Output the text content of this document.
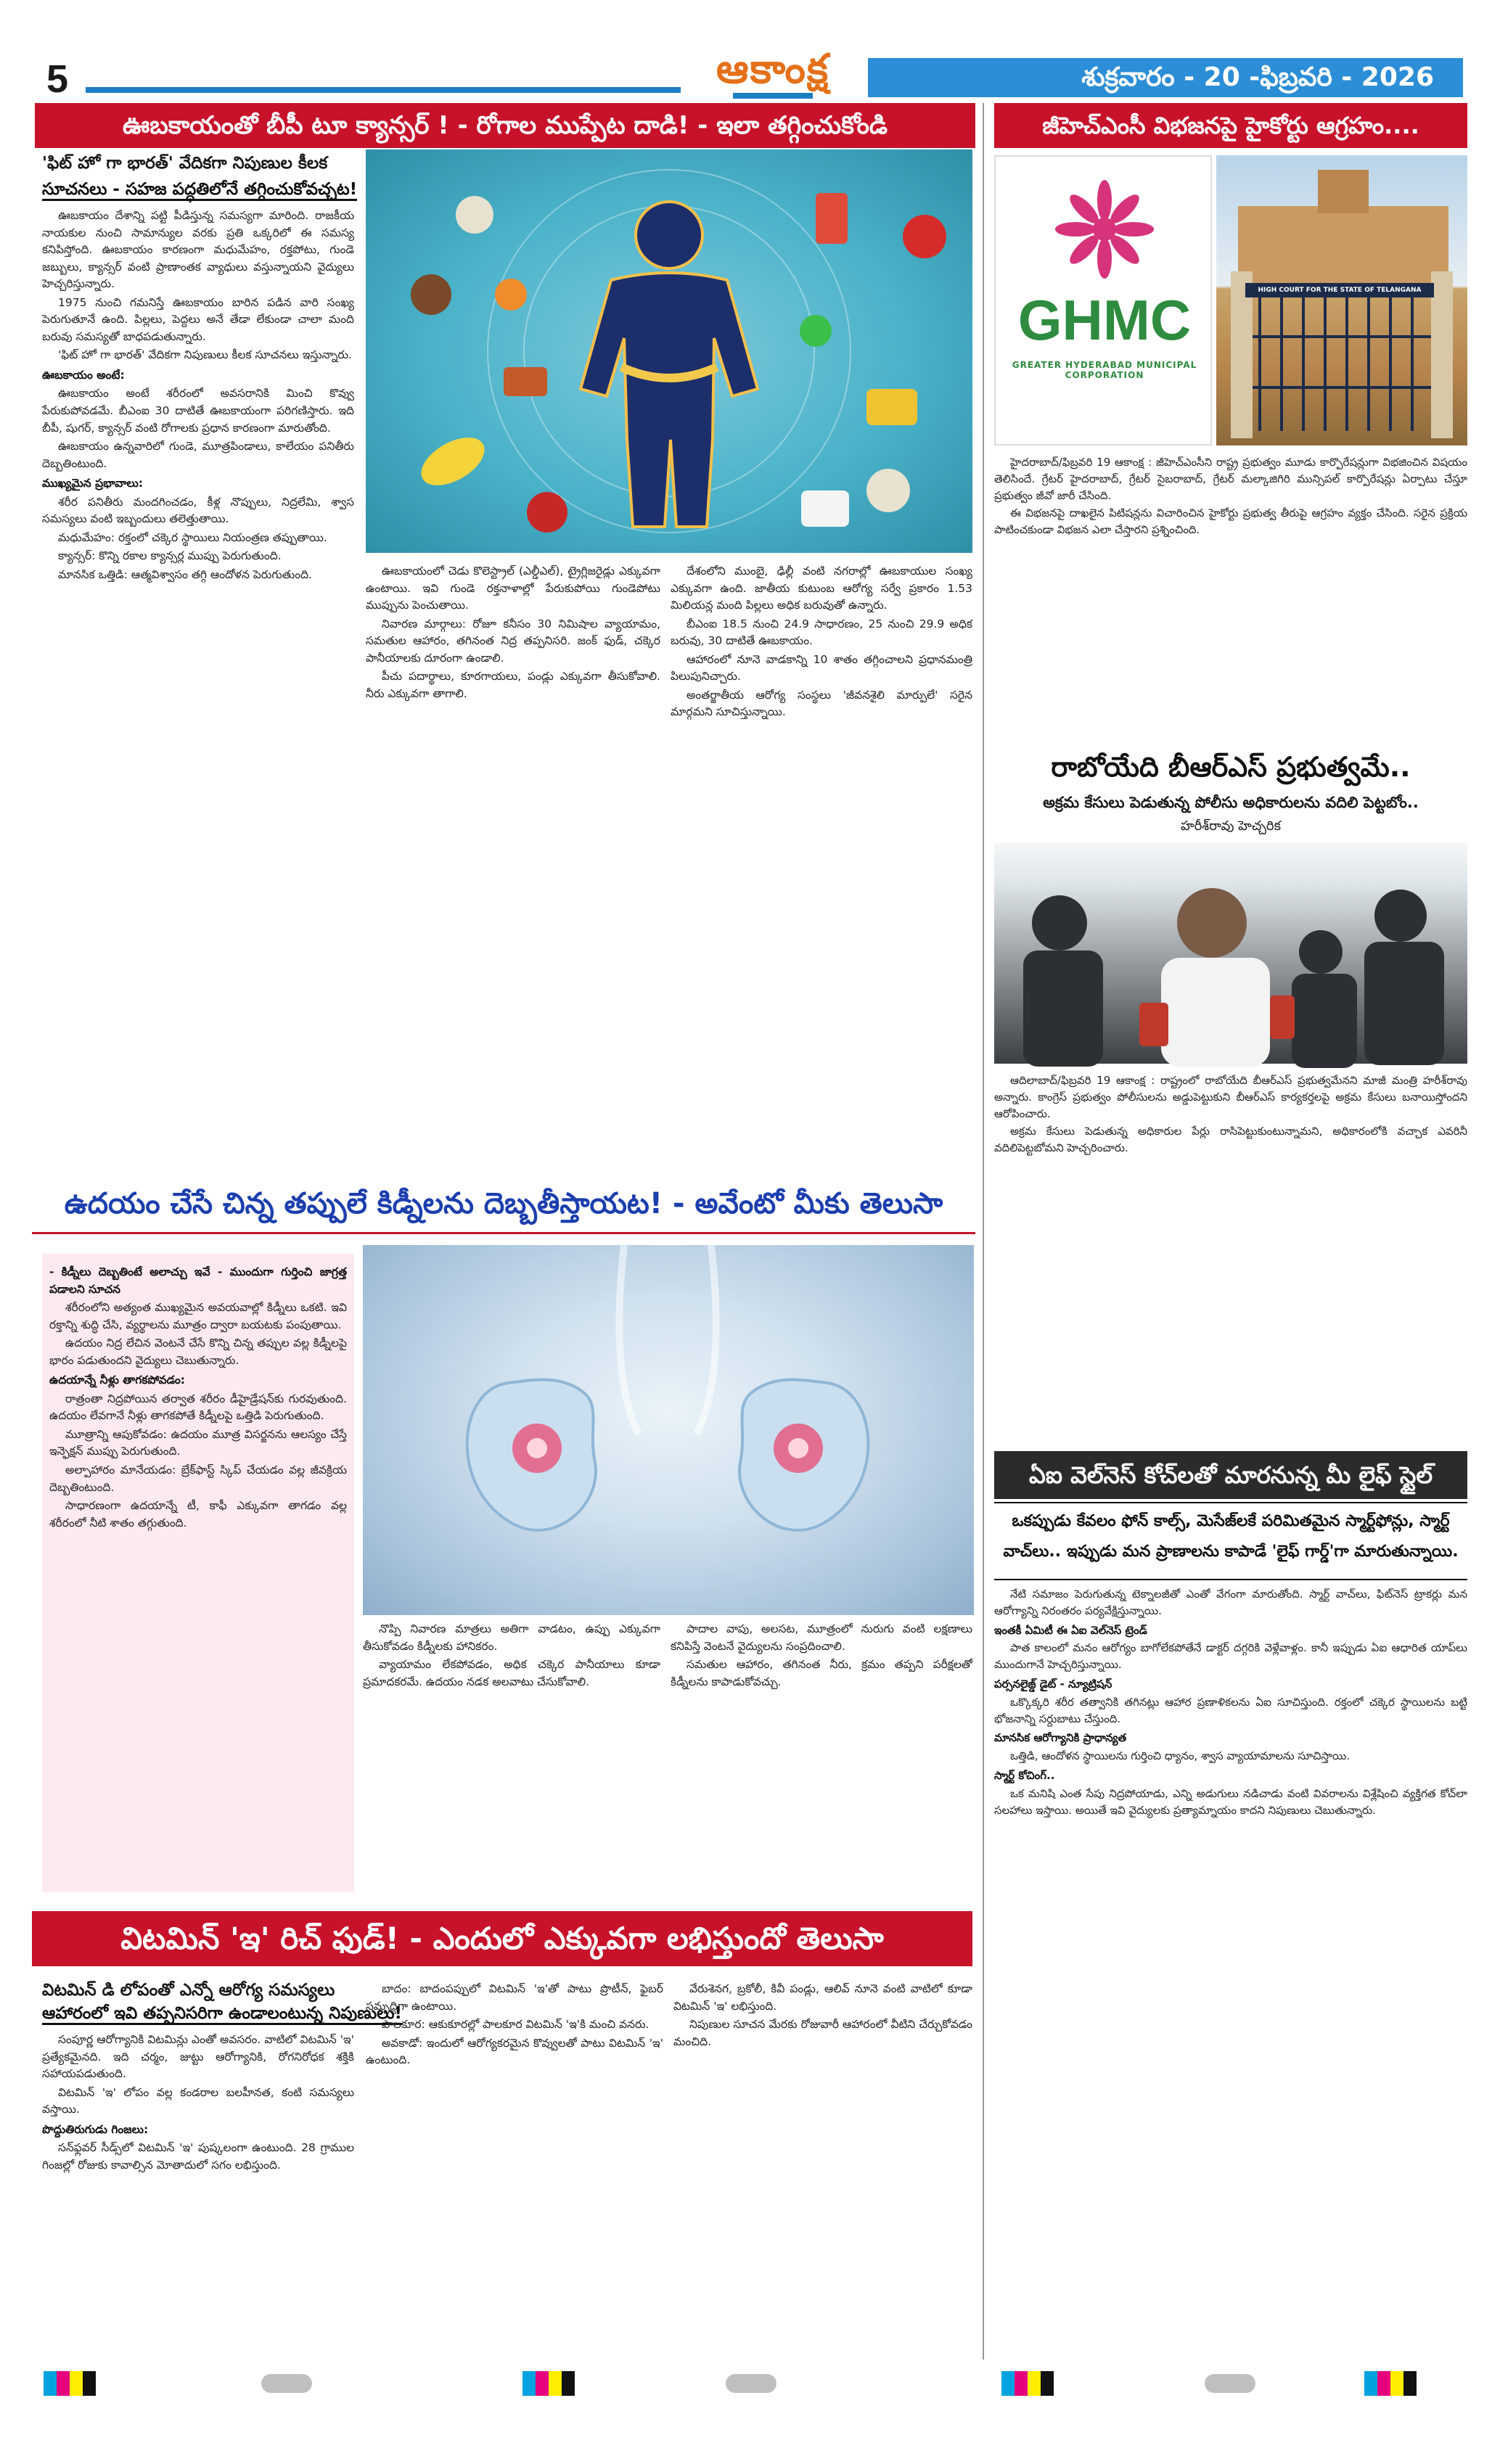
5	ఆకాంక్ష	శుక్రవారం - 20 -ఫిబ్రవరి - 2026
ఊబకాయంతో బీపీ టూ క్యాన్సర్ ! - రోగాల ముప్పేట దాడి! - ఇలా తగ్గించుకోండి
'ఫిట్ హో గా భారత్' వేదికగా నిపుణుల కీలక
సూచనలు - సహజ పద్ధతిలోనే తగ్గించుకోవచ్చట!

ఊబకాయం దేశాన్ని పట్టి పీడిస్తున్న సమస్యగా మారింది. రాజకీయ నాయకుల నుంచి సామాన్యుల వరకు ప్రతి ఒక్కరిలో ఈ సమస్య కనిపిస్తోంది. ఊబకాయం కారణంగా మధుమేహం, రక్తపోటు, గుండె జబ్బులు, క్యాన్సర్ వంటి ప్రాణాంతక వ్యాధులు వస్తున్నాయని వైద్యులు హెచ్చరిస్తున్నారు.

1975 నుంచి గమనిస్తే ఊబకాయం బారిన పడిన వారి సంఖ్య పెరుగుతూనే ఉంది. పిల్లలు, పెద్దలు అనే తేడా లేకుండా చాలా మంది బరువు సమస్యతో బాధపడుతున్నారు.

'ఫిట్ హో గా భారత్' వేదికగా నిపుణులు కీలక సూచనలు ఇస్తున్నారు.

ఊబకాయం అంటే:

ఊబకాయం అంటే శరీరంలో అవసరానికి మించి కొవ్వు పేరుకుపోవడమే. బీఎంఐ 30 దాటితే ఊబకాయంగా పరిగణిస్తారు. ఇది బీపీ, షుగర్, క్యాన్సర్ వంటి రోగాలకు ప్రధాన కారణంగా మారుతోంది.

ఊబకాయం ఉన్నవారిలో గుండె, మూత్రపిండాలు, కాలేయం పనితీరు దెబ్బతింటుంది.

ముఖ్యమైన ప్రభావాలు:

శరీర పనితీరు మందగించడం, కీళ్ల నొప్పులు, నిద్రలేమి, శ్వాస సమస్యలు వంటి ఇబ్బందులు తలెత్తుతాయి.

మధుమేహం: రక్తంలో చక్కెర స్థాయిలు నియంత్రణ తప్పుతాయి.

క్యాన్సర్: కొన్ని రకాల క్యాన్సర్ల ముప్పు పెరుగుతుంది.

మానసిక ఒత్తిడి: ఆత్మవిశ్వాసం తగ్గి ఆందోళన పెరుగుతుంది.	ఊబకాయంలో చెడు కొలెస్ట్రాల్ (ఎల్డీఎల్), ట్రైగ్లిజరైడ్లు ఎక్కువగా ఉంటాయి. ఇవి గుండె రక్తనాళాల్లో పేరుకుపోయి గుండెపోటు ముప్పును పెంచుతాయి.

నివారణ మార్గాలు: రోజూ కనీసం 30 నిమిషాల వ్యాయామం, సమతుల ఆహారం, తగినంత నిద్ర తప్పనిసరి. జంక్ ఫుడ్, చక్కెర పానీయాలకు దూరంగా ఉండాలి.

పీచు పదార్థాలు, కూరగాయలు, పండ్లు ఎక్కువగా తీసుకోవాలి. నీరు ఎక్కువగా తాగాలి.

దేశంలోని ముంబై, ఢిల్లీ వంటి నగరాల్లో ఊబకాయుల సంఖ్య ఎక్కువగా ఉంది. జాతీయ కుటుంబ ఆరోగ్య సర్వే ప్రకారం 1.53 మిలియన్ల మంది పిల్లలు అధిక బరువుతో ఉన్నారు.

బీఎంఐ 18.5 నుంచి 24.9 సాధారణం, 25 నుంచి 29.9 అధిక బరువు, 30 దాటితే ఊబకాయం.

ఆహారంలో నూనె వాడకాన్ని 10 శాతం తగ్గించాలని ప్రధానమంత్రి పిలుపునిచ్చారు.

అంతర్జాతీయ ఆరోగ్య సంస్థలు 'జీవనశైలి మార్పులే' సరైన మార్గమని సూచిస్తున్నాయి.

ఉదయం చేసే చిన్న తప్పులే కిడ్నీలను దెబ్బతీస్తాయట! - అవేంటో మీకు తెలుసా

- కిడ్నీలు దెబ్బతింటే అలాచ్చు ఇవే - ముందుగా గుర్తించి జాగ్రత్త పడాలని సూచన

శరీరంలోని అత్యంత ముఖ్యమైన అవయవాల్లో కిడ్నీలు ఒకటి. ఇవి రక్తాన్ని శుద్ధి చేసి, వ్యర్థాలను మూత్రం ద్వారా బయటకు పంపుతాయి.

ఉదయం నిద్ర లేచిన వెంటనే చేసే కొన్ని చిన్న తప్పుల వల్ల కిడ్నీలపై భారం పడుతుందని వైద్యులు చెబుతున్నారు.

ఉదయాన్నే నీళ్లు తాగకపోవడం:

రాత్రంతా నిద్రపోయిన తర్వాత శరీరం డీహైడ్రేషన్‌కు గురవుతుంది. ఉదయం లేవగానే నీళ్లు తాగకపోతే కిడ్నీలపై ఒత్తిడి పెరుగుతుంది.

మూత్రాన్ని ఆపుకోవడం: ఉదయం మూత్ర విసర్జనను ఆలస్యం చేస్తే ఇన్ఫెక్షన్ ముప్పు పెరుగుతుంది.

అల్పాహారం మానేయడం: బ్రేక్‌ఫాస్ట్ స్కిప్ చేయడం వల్ల జీవక్రియ దెబ్బతింటుంది.

సాధారణంగా ఉదయాన్నే టీ, కాఫీ ఎక్కువగా తాగడం వల్ల శరీరంలో నీటి శాతం తగ్గుతుంది.

నొప్పి నివారణ మాత్రలు అతిగా వాడటం, ఉప్పు ఎక్కువగా తీసుకోవడం కిడ్నీలకు హానికరం.

వ్యాయామం లేకపోవడం, అధిక చక్కెర పానీయాలు కూడా ప్రమాదకరమే. ఉదయం నడక అలవాటు చేసుకోవాలి.

పాదాల వాపు, అలసట, మూత్రంలో నురుగు వంటి లక్షణాలు కనిపిస్తే వెంటనే వైద్యులను సంప్రదించాలి.

సమతుల ఆహారం, తగినంత నీరు, క్రమం తప్పని పరీక్షలతో కిడ్నీలను కాపాడుకోవచ్చు.

విటమిన్ 'ఇ' రిచ్ ఫుడ్! - ఎందులో ఎక్కువగా లభిస్తుందో తెలుసా
విటమిన్ డి లోపంతో ఎన్నో ఆరోగ్య సమస్యలు
ఆహారంలో ఇవి తప్పనిసరిగా ఉండాలంటున్న నిపుణులు!

సంపూర్ణ ఆరోగ్యానికి విటమిన్లు ఎంతో అవసరం. వాటిలో విటమిన్ 'ఇ' ప్రత్యేకమైనది. ఇది చర్మం, జుట్టు ఆరోగ్యానికి, రోగనిరోధక శక్తికి సహాయపడుతుంది.

విటమిన్ 'ఇ' లోపం వల్ల కండరాల బలహీనత, కంటి సమస్యలు వస్తాయి.

పొద్దుతిరుగుడు గింజలు:

సన్‌ఫ్లవర్ సీడ్స్‌లో విటమిన్ 'ఇ' పుష్కలంగా ఉంటుంది. 28 గ్రాముల గింజల్లో రోజుకు కావాల్సిన మోతాదులో సగం లభిస్తుంది.

బాదం: బాదంపప్పులో విటమిన్ 'ఇ'తో పాటు ప్రొటీన్, ఫైబర్ సమృద్ధిగా ఉంటాయి.

పాలకూర: ఆకుకూరల్లో పాలకూర విటమిన్ 'ఇ'కి మంచి వనరు.

అవకాడో: ఇందులో ఆరోగ్యకరమైన కొవ్వులతో పాటు విటమిన్ 'ఇ' ఉంటుంది.

వేరుశెనగ, బ్రకోలీ, కివీ పండ్లు, ఆలివ్ నూనె వంటి వాటిలో కూడా విటమిన్ 'ఇ' లభిస్తుంది.

నిపుణుల సూచన మేరకు రోజువారీ ఆహారంలో వీటిని చేర్చుకోవడం మంచిది.

జీహెచ్‌ఎంసీ విభజనపై హైకోర్టు ఆగ్రహం....
GHMC
GREATER HYDERABAD MUNICIPAL CORPORATION
HIGH COURT FOR THE STATE OF TELANGANA

హైదరాబాద్/ఫిబ్రవరి 19 ఆకాంక్ష : జీహెచ్‌ఎంసీని రాష్ట్ర ప్రభుత్వం మూడు కార్పొరేషన్లుగా విభజించిన విషయం తెలిసిందే. గ్రేటర్ హైదరాబాద్, గ్రేటర్ సైబరాబాద్, గ్రేటర్ మల్కాజిగిరి మున్సిపల్ కార్పొరేషన్లు ఏర్పాటు చేస్తూ ప్రభుత్వం జీవో జారీ చేసింది.

ఈ విభజనపై దాఖలైన పిటిషన్లను విచారించిన హైకోర్టు ప్రభుత్వ తీరుపై ఆగ్రహం వ్యక్తం చేసింది. సరైన ప్రక్రియ పాటించకుండా విభజన ఎలా చేస్తారని ప్రశ్నించింది.

రాబోయేది బీఆర్ఎస్ ప్రభుత్వమే..
అక్రమ కేసులు పెడుతున్న పోలీసు అధికారులను వదిలి పెట్టబోం..
హరీశ్‌రావు హెచ్చరిక

ఆదిలాబాద్/ఫిబ్రవరి 19 ఆకాంక్ష : రాష్ట్రంలో రాబోయేది బీఆర్ఎస్ ప్రభుత్వమేనని మాజీ మంత్రి హరీశ్‌రావు అన్నారు. కాంగ్రెస్ ప్రభుత్వం పోలీసులను అడ్డుపెట్టుకుని బీఆర్ఎస్ కార్యకర్తలపై అక్రమ కేసులు బనాయిస్తోందని ఆరోపించారు.

అక్రమ కేసులు పెడుతున్న అధికారుల పేర్లు రాసిపెట్టుకుంటున్నామని, అధికారంలోకి వచ్చాక ఎవరినీ వదిలిపెట్టబోమని హెచ్చరించారు.

ఏఐ వెల్‌నెస్ కోచ్‌లతో మారనున్న మీ లైఫ్ స్టైల్
ఒకప్పుడు కేవలం ఫోన్ కాల్స్, మెసేజ్‌లకే పరిమితమైన స్మార్ట్‌ఫోన్లు, స్మార్ట్ వాచ్‌లు.. ఇప్పుడు మన ప్రాణాలను కాపాడే 'లైఫ్ గార్డ్'గా మారుతున్నాయి.

నేటి సమాజం పెరుగుతున్న టెక్నాలజీతో ఎంతో వేగంగా మారుతోంది. స్మార్ట్ వాచ్‌లు, ఫిట్‌నెస్ ట్రాకర్లు మన ఆరోగ్యాన్ని నిరంతరం పర్యవేక్షిస్తున్నాయి.

ఇంతకీ ఏమిటీ ఈ ఏఐ వెల్‌నెస్ ట్రెండ్

పాత కాలంలో మనం ఆరోగ్యం బాగోలేకపోతేనే డాక్టర్ దగ్గరికి వెళ్లేవాళ్లం. కానీ ఇప్పుడు ఏఐ ఆధారిత యాప్‌లు ముందుగానే హెచ్చరిస్తున్నాయి.

పర్సనలైజ్డ్ డైట్ - న్యూట్రిషన్

ఒక్కొక్కరి శరీర తత్వానికి తగినట్లు ఆహార ప్రణాళికలను ఏఐ సూచిస్తుంది. రక్తంలో చక్కెర స్థాయిలను బట్టి భోజనాన్ని సర్దుబాటు చేస్తుంది.

మానసిక ఆరోగ్యానికి ప్రాధాన్యత

ఒత్తిడి, ఆందోళన స్థాయిలను గుర్తించి ధ్యానం, శ్వాస వ్యాయామాలను సూచిస్తాయి.

స్మార్ట్ కోచింగ్..

ఒక మనిషి ఎంత సేపు నిద్రపోయాడు, ఎన్ని అడుగులు నడిచాడు వంటి వివరాలను విశ్లేషించి వ్యక్తిగత కోచ్‌లా సలహాలు ఇస్తాయి. అయితే ఇవి వైద్యులకు ప్రత్యామ్నాయం కాదని నిపుణులు చెబుతున్నారు.
